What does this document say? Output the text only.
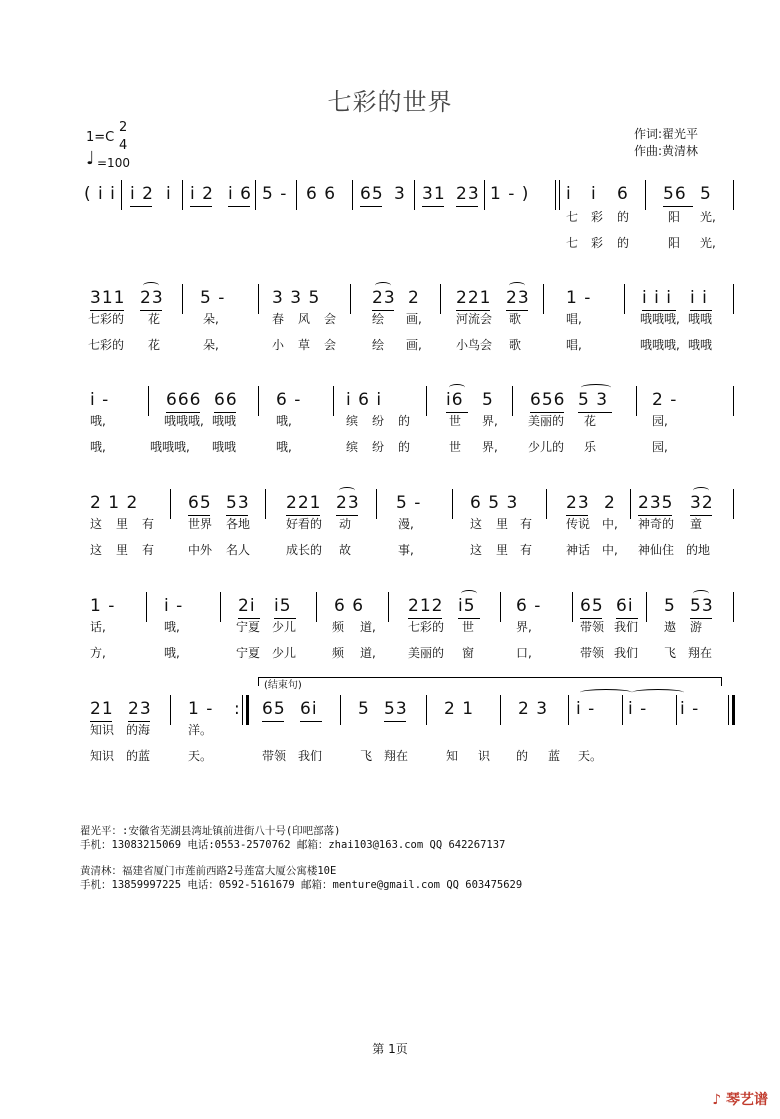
七彩的世界
1=C
2
4
♩ =100
作词:翟光平
作曲:黄清林
( i i i 2 i i 2 i 6 5 - 6 6 65 3 31 23 1 - ) i i 6 56 5
七 彩 的	阳 光,
七 彩 的	阳 光,
311 23 5 -	3 3 5	23 2 221 23 1 -	i i i i i
七彩的 花	朵,	春 风 会	绘 画,	河流会 歌	唱,	哦哦哦, 哦哦
七彩的 花	朵,	小 草 会	绘 画,	小鸟会 歌	唱,	哦哦哦, 哦哦
i -	666 66 6 -	i 6 i	i6 5 656 5 3	2 -
哦,	哦哦哦, 哦哦	哦,	缤 纷 的	世 界,	美丽的 花	园,
哦,	哦哦哦, 哦哦	哦,	缤 纷 的	世 界,	少儿的 乐	园,
2 1 2	65 53 221 23 5 -	6 5 3	23 2 235 32
这 里 有	世界 各地	好看的 动	漫,	这 里 有	传说 中, 神奇的 童
这 里 有	中外 名人	成长的 故	事,	这 里 有	神话 中, 神仙住 的地
1 -	i -	2i i5 6 6	212 i5 6 - 65 6i 5 53
话,	哦,	宁夏 少儿	频 道,	七彩的 世	界,	带领 我们 遨 游
方,	哦,	宁夏 少儿	频 道,	美丽的 窗	口,	带领 我们 飞 翔在
(结束句)
21 23 1 - : 65 6i 5 53 2 1	2 3 i - i - i -
知识 的海	洋。
知识 的蓝	天。	带领 我们	飞 翔在	知 识 的 蓝 天。
翟光平：:安徽省芜湖县湾址镇前进街八十号(印吧部落)
手机：13083215069 电话:0553-2570762 邮箱：zhai103@163.com QQ 642267137
黄清林：福建省厦门市莲前西路2号莲富大厦公寓楼10E
手机：13859997225 电话：0592-5161679 邮箱：menture@gmail.com QQ 603475629
第 1页
♪ 琴艺谱
